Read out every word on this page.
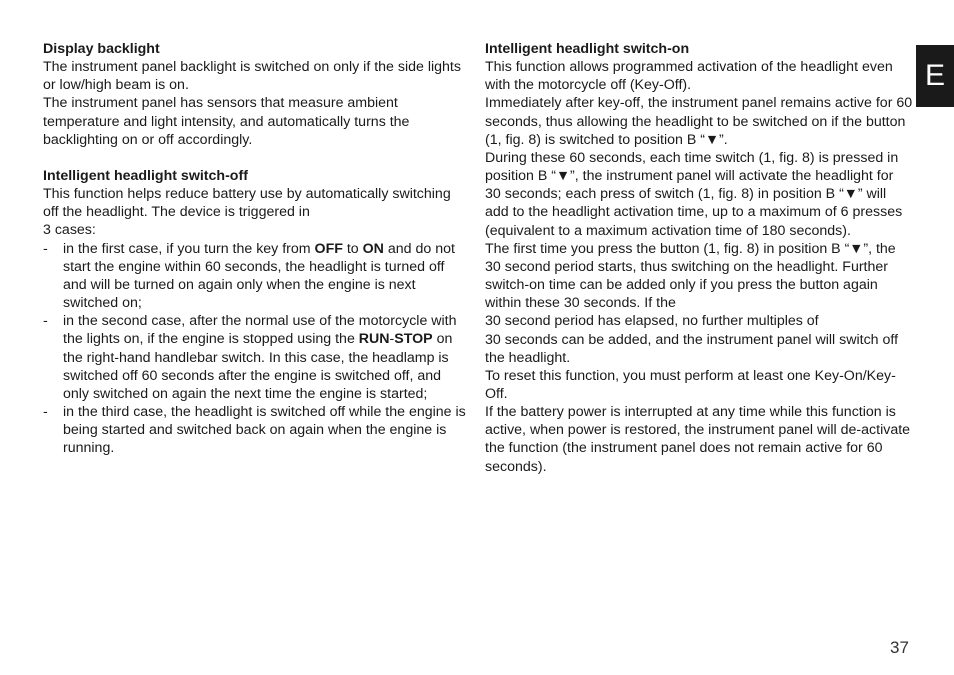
E

Display backlight

The instrument panel backlight is switched on only if the side lights or low/high beam is on.

The instrument panel has sensors that measure ambient temperature and light intensity, and automatically turns the backlighting on or off accordingly.

Intelligent headlight switch-off

This function helps reduce battery use by automatically switching off the headlight. The device is triggered in

3 cases:

- in the first case, if you turn the key from OFF to ON and do not start the engine within 60 seconds, the headlight is turned off and will be turned on again only when the engine is next switched on;
- in the second case, after the normal use of the motorcycle with the lights on, if the engine is stopped using the RUN-STOP on the right-hand handlebar switch. In this case, the headlamp is switched off 60 seconds after the engine is switched off, and only switched on again the next time the engine is started;
- in the third case, the headlight is switched off while the engine is being started and switched back on again when the engine is running.

Intelligent headlight switch-on

This function allows programmed activation of the headlight even with the motorcycle off (Key-Off).

Immediately after key-off, the instrument panel remains active for 60 seconds, thus allowing the headlight to be switched on if the button (1, fig. 8) is switched to position B “▼”.

During these 60 seconds, each time switch (1, fig. 8) is pressed in position B “▼”, the instrument panel will activate the headlight for 30 seconds; each press of switch (1, fig. 8) in position B “▼” will add to the headlight activation time, up to a maximum of 6 presses (equivalent to a maximum activation time of 180 seconds).

The first time you press the button (1, fig. 8) in position B “▼”, the 30 second period starts, thus switching on the headlight. Further switch-on time can be added only if you press the button again within these 30 seconds. If the

30 second period has elapsed, no further multiples of

30 seconds can be added, and the instrument panel will switch off the headlight.

To reset this function, you must perform at least one Key-On/Key-Off.

If the battery power is interrupted at any time while this function is active, when power is restored, the instrument panel will de-activate the function (the instrument panel does not remain active for 60 seconds).

37
